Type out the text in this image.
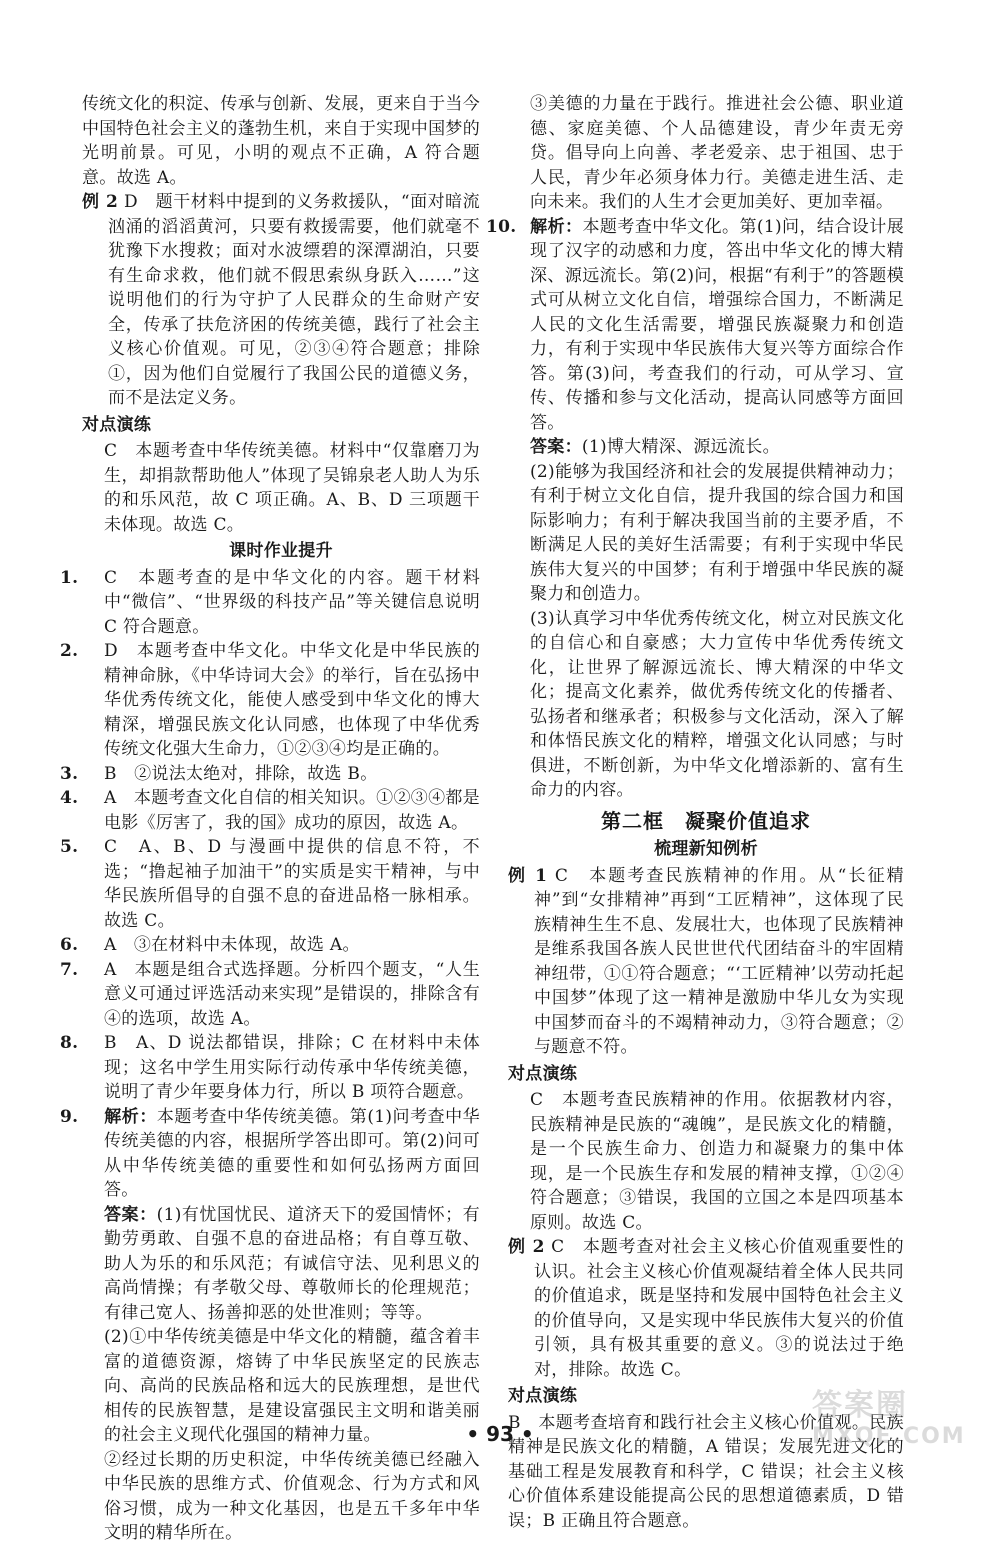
传统文化的积淀、传承与创新、发展，更来自于当今中国特色社会主义的蓬勃生机，来自于实现中国梦的光明前景。可见，小明的观点不正确，A 符合题意。故选 A。

例 2 D　题干材料中提到的义务救援队，“面对暗流汹涌的滔滔黄河，只要有救援需要，他们就毫不犹豫下水搜救；面对水波缥碧的深潭湖泊，只要有生命求救，他们就不假思索纵身跃入……”这说明他们的行为守护了人民群众的生命财产安全，传承了扶危济困的传统美德，践行了社会主义核心价值观。可见，②③④符合题意；排除①，因为他们自觉履行了我国公民的道德义务，而不是法定义务。

对点演练

C　本题考查中华传统美德。材料中“仅靠磨刀为生，却捐款帮助他人”体现了吴锦泉老人助人为乐的和乐风范，故 C 项正确。A、B、D 三项题干未体现。故选 C。

课时作业提升

1. C　本题考查的是中华文化的内容。题干材料中“微信”、“世界级的科技产品”等关键信息说明 C 符合题意。

2. D　本题考查中华文化。中华文化是中华民族的精神命脉，《中华诗词大会》的举行，旨在弘扬中华优秀传统文化，能使人感受到中华文化的博大精深，增强民族文化认同感，也体现了中华优秀传统文化强大生命力，①②③④均是正确的。

3. B　②说法太绝对，排除，故选 B。

4. A　本题考查文化自信的相关知识。①②③④都是电影《厉害了，我的国》成功的原因，故选 A。

5. C　A、B、D 与漫画中提供的信息不符，不选；“撸起袖子加油干”的实质是实干精神，与中华民族所倡导的自强不息的奋进品格一脉相承。故选 C。

6. A　③在材料中未体现，故选 A。

7. A　本题是组合式选择题。分析四个题支，“人生意义可通过评选活动来实现”是错误的，排除含有④的选项，故选 A。

8. B　A、D 说法都错误，排除；C 在材料中未体现；这名中学生用实际行动传承中华传统美德，说明了青少年要身体力行，所以 B 项符合题意。

9. 解析：本题考查中华传统美德。第(1)问考查中华传统美德的内容，根据所学答出即可。第(2)问可从中华传统美德的重要性和如何弘扬两方面回答。

答案：(1)有忧国忧民、道济天下的爱国情怀；有勤劳勇敢、自强不息的奋进品格；有自尊互敬、助人为乐的和乐风范；有诚信守法、见利思义的高尚情操；有孝敬父母、尊敬师长的伦理规范；有律己宽人、扬善抑恶的处世准则；等等。

(2)①中华传统美德是中华文化的精髓，蕴含着丰富的道德资源，熔铸了中华民族坚定的民族志向、高尚的民族品格和远大的民族理想，是世代相传的民族智慧，是建设富强民主文明和谐美丽的社会主义现代化强国的精神力量。

②经过长期的历史积淀，中华传统美德已经融入中华民族的思维方式、价值观念、行为方式和风俗习惯，成为一种文化基因，也是五千多年中华文明的精华所在。

③美德的力量在于践行。推进社会公德、职业道德、家庭美德、个人品德建设，青少年责无旁贷。倡导向上向善、孝老爱亲、忠于祖国、忠于人民，青少年必须身体力行。美德走进生活、走向未来。我们的人生才会更加美好、更加幸福。

10. 解析：本题考查中华文化。第(1)问，结合设计展现了汉字的动感和力度，答出中华文化的博大精深、源远流长。第(2)问，根据“有利于”的答题模式可从树立文化自信，增强综合国力，不断满足人民的文化生活需要，增强民族凝聚力和创造力，有利于实现中华民族伟大复兴等方面综合作答。第(3)问，考查我们的行动，可从学习、宣传、传播和参与文化活动，提高认同感等方面回答。

答案：(1)博大精深、源远流长。

(2)能够为我国经济和社会的发展提供精神动力；有利于树立文化自信，提升我国的综合国力和国际影响力；有利于解决我国当前的主要矛盾，不断满足人民的美好生活需要；有利于实现中华民族伟大复兴的中国梦；有利于增强中华民族的凝聚力和创造力。

(3)认真学习中华优秀传统文化，树立对民族文化的自信心和自豪感；大力宣传中华优秀传统文化，让世界了解源远流长、博大精深的中华文化；提高文化素养，做优秀传统文化的传播者、弘扬者和继承者；积极参与文化活动，深入了解和体悟民族文化的精粹，增强文化认同感；与时俱进，不断创新，为中华文化增添新的、富有生命力的内容。

第二框　凝聚价值追求

梳理新知例析

例 1 C　本题考查民族精神的作用。从“长征精神”到“女排精神”再到“工匠精神”，这体现了民族精神生生不息、发展壮大，也体现了民族精神是维系我国各族人民世世代代团结奋斗的牢固精神纽带，①①符合题意；“‘工匠精神’以劳动托起中国梦”体现了这一精神是激励中华儿女为实现中国梦而奋斗的不竭精神动力，③符合题意；②与题意不符。

对点演练

C　本题考查民族精神的作用。依据教材内容，民族精神是民族的“魂魄”，是民族文化的精髓，是一个民族生命力、创造力和凝聚力的集中体现，是一个民族生存和发展的精神支撑，①②④符合题意；③错误，我国的立国之本是四项基本原则。故选 C。

例 2 C　本题考查对社会主义核心价值观重要性的认识。社会主义核心价值观凝结着全体人民共同的价值追求，既是坚持和发展中国特色社会主义的价值导向，又是实现中华民族伟大复兴的价值引领，具有极其重要的意义。③的说法过于绝对，排除。故选 C。

对点演练

B　本题考查培育和践行社会主义核心价值观。民族精神是民族文化的精髓，A 错误；发展先进文化的基础工程是发展教育和科学，C 错误；社会主义核心价值体系建设能提高公民的思想道德素质，D 错误；B 正确且符合题意。

• 93 •
答案圈
MXQE.COM
